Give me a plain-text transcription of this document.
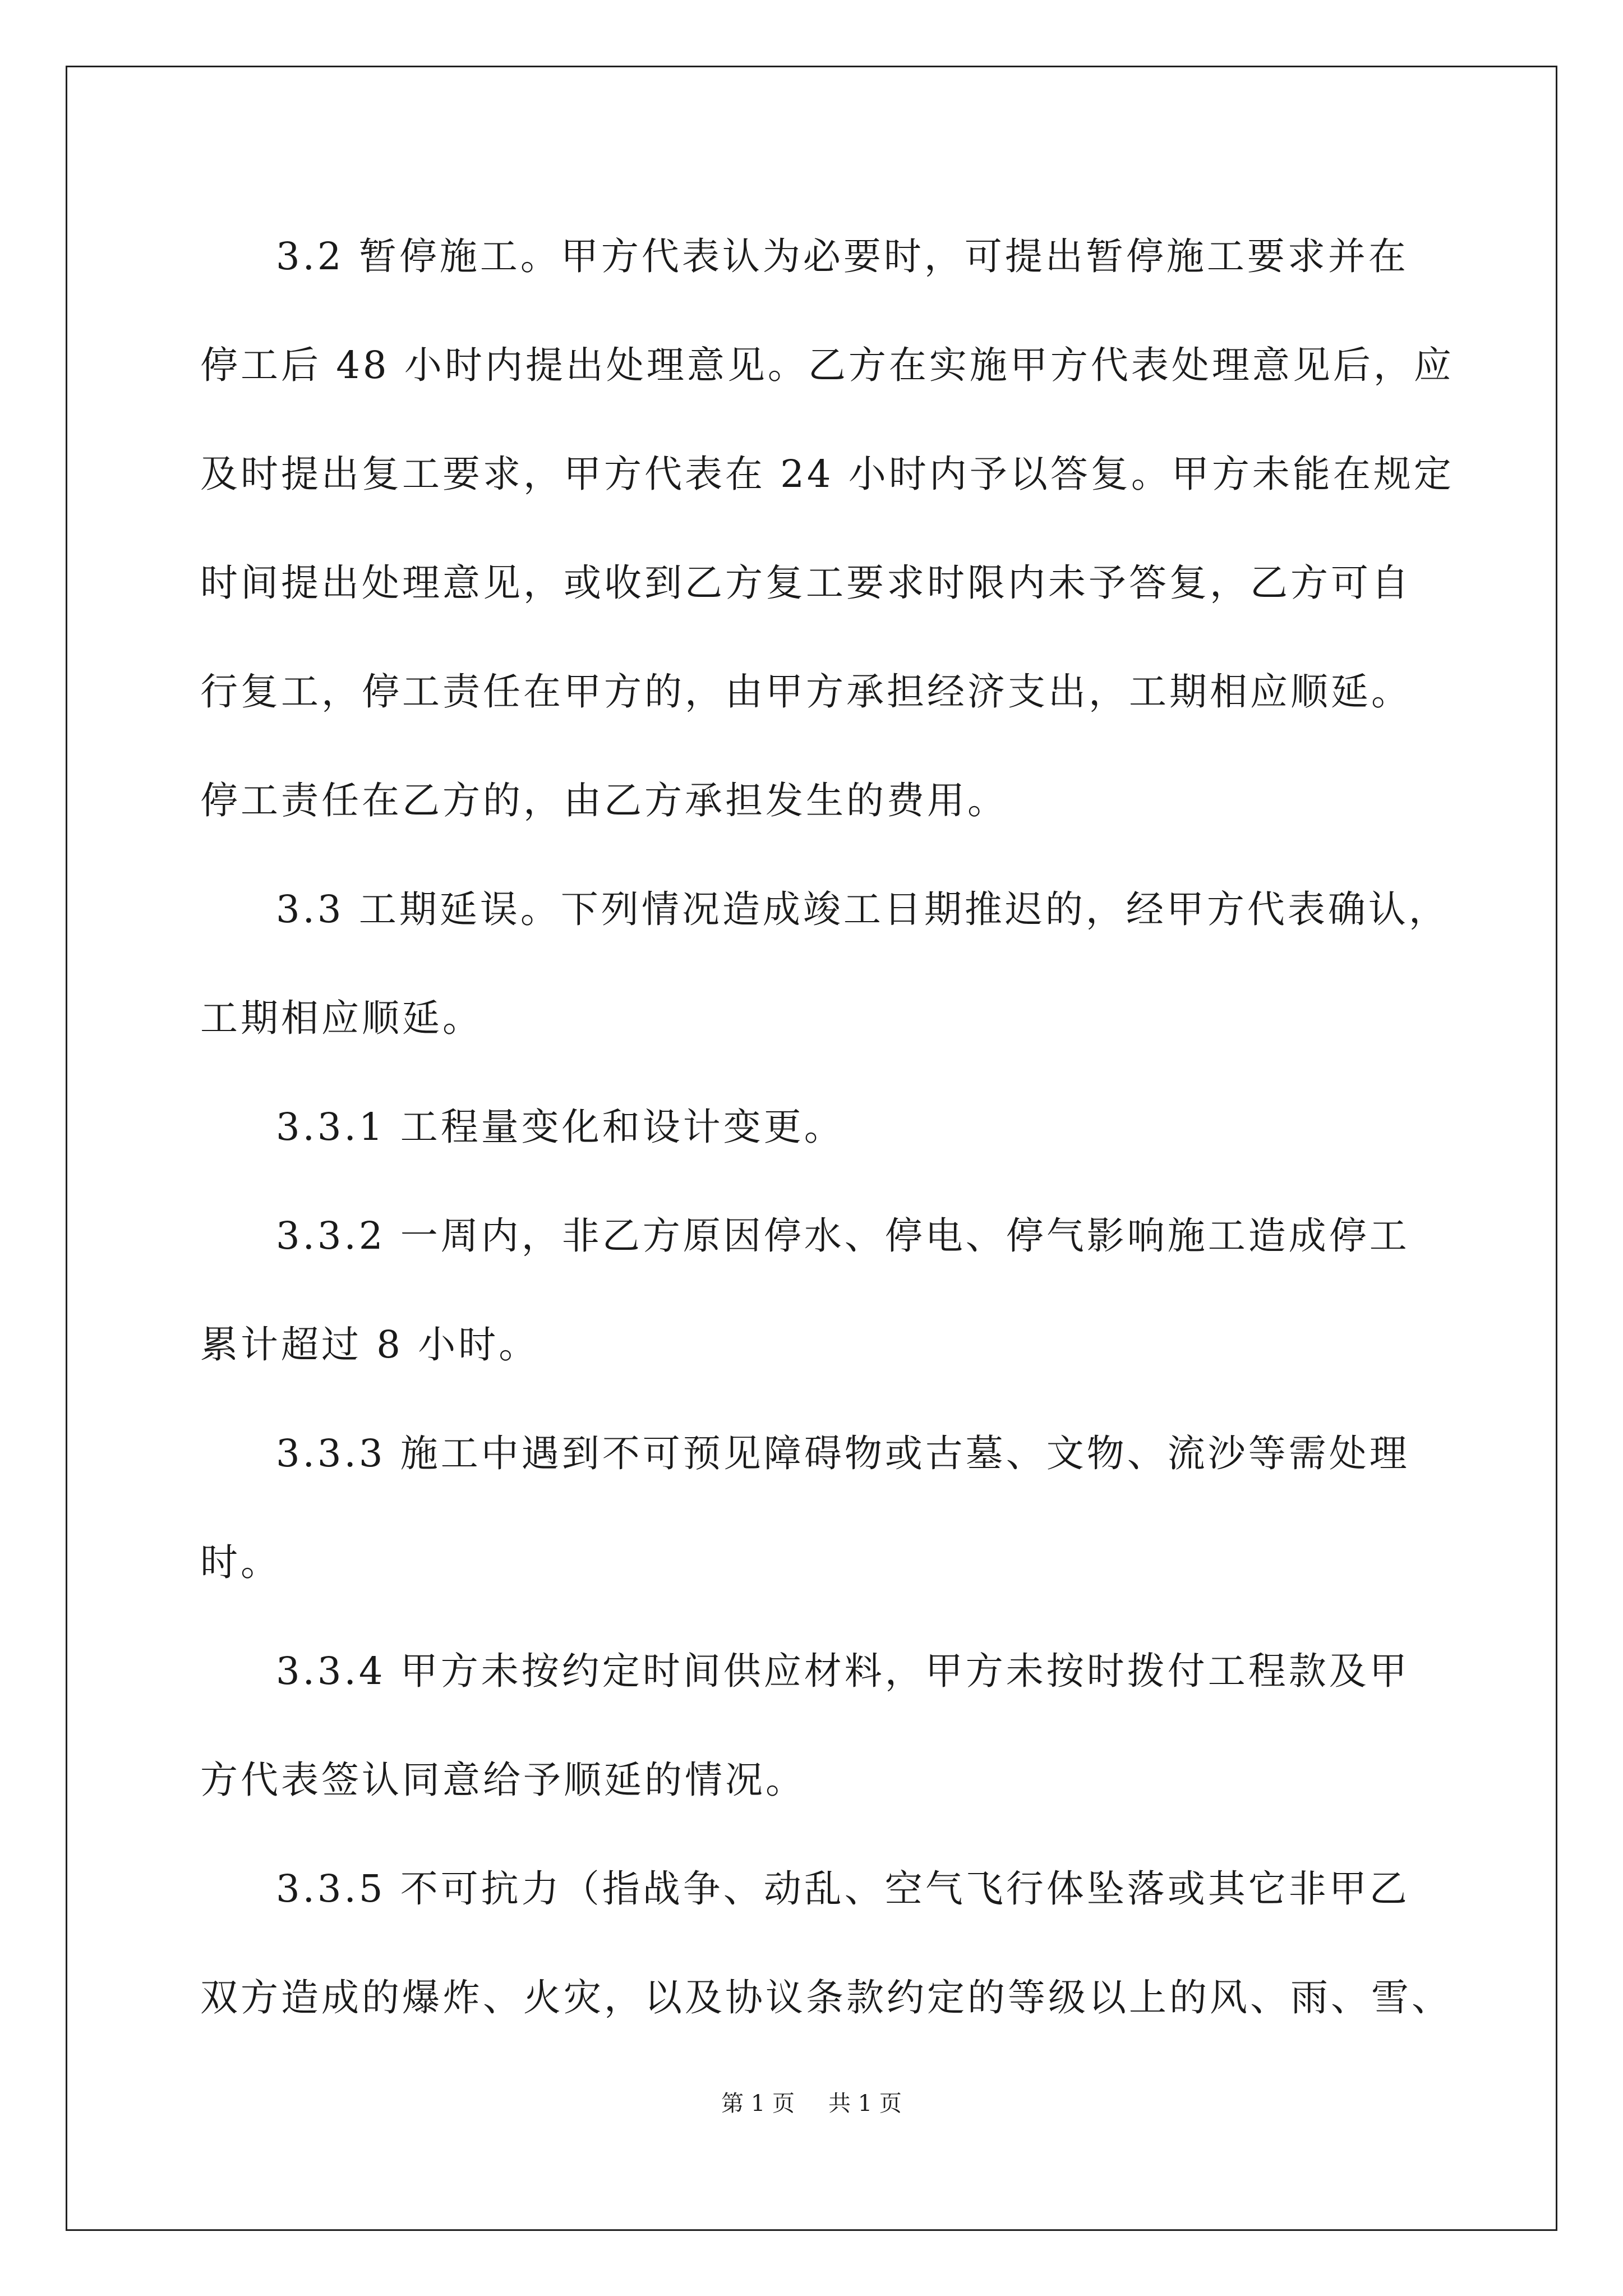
3.2 暂停施工。甲方代表认为必要时，可提出暂停施工要求并在
停工后 48 小时内提出处理意见。乙方在实施甲方代表处理意见后，应
及时提出复工要求，甲方代表在 24 小时内予以答复。甲方未能在规定
时间提出处理意见，或收到乙方复工要求时限内未予答复，乙方可自
行复工，停工责任在甲方的，由甲方承担经济支出，工期相应顺延。
停工责任在乙方的，由乙方承担发生的费用。
3.3 工期延误。下列情况造成竣工日期推迟的，经甲方代表确认，
工期相应顺延。
3.3.1 工程量变化和设计变更。
3.3.2 一周内，非乙方原因停水、停电、停气影响施工造成停工
累计超过 8 小时。
3.3.3 施工中遇到不可预见障碍物或古墓、文物、流沙等需处理
时。
3.3.4 甲方未按约定时间供应材料，甲方未按时拨付工程款及甲
方代表签认同意给予顺延的情况。
3.3.5 不可抗力（指战争、动乱、空气飞行体坠落或其它非甲乙
双方造成的爆炸、火灾，以及协议条款约定的等级以上的风、雨、雪、
第 1 页 共 1 页
